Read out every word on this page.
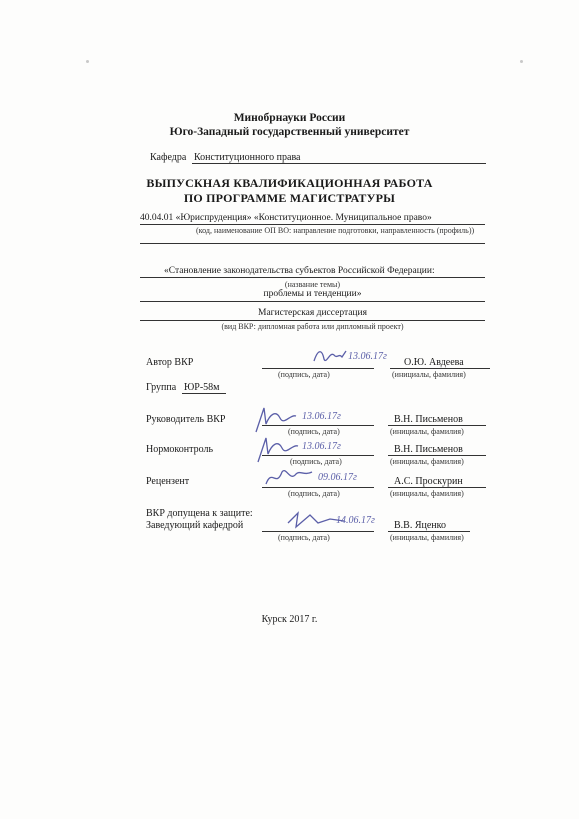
Минобрнауки России
Юго-Западный государственный университет
Кафедра Конституционного права
ВЫПУСКНАЯ КВАЛИФИКАЦИОННАЯ РАБОТА
ПО ПРОГРАММЕ МАГИСТРАТУРЫ
40.04.01 «Юриспруденция» «Конституционное. Муниципальное право»
(код, наименование ОП ВО: направление подготовки, направленность (профиль))
«Становление законодательства субъектов Российской Федерации:
(название темы)
проблемы и тенденции»
Магистерская диссертация
(вид ВКР: дипломная работа или дипломный проект)
Автор ВКР
(подпись, дата)
О.Ю. Авдеева
(инициалы, фамилия)
13.06.17г
Группа ЮР-58м
Руководитель ВКР
(подпись, дата)
В.Н. Письменов
(инициалы, фамилия)
13.06.17г
Нормоконтроль
(подпись, дата)
В.Н. Письменов
(инициалы, фамилия)
13.06.17г
Рецензент
(подпись, дата)
А.С. Проскурин
(инициалы, фамилия)
09.06.17г
ВКР допущена к защите:
Заведующий кафедрой
(подпись, дата)
В.В. Яценко
(инициалы, фамилия)
14.06.17г
Курск 2017 г.
